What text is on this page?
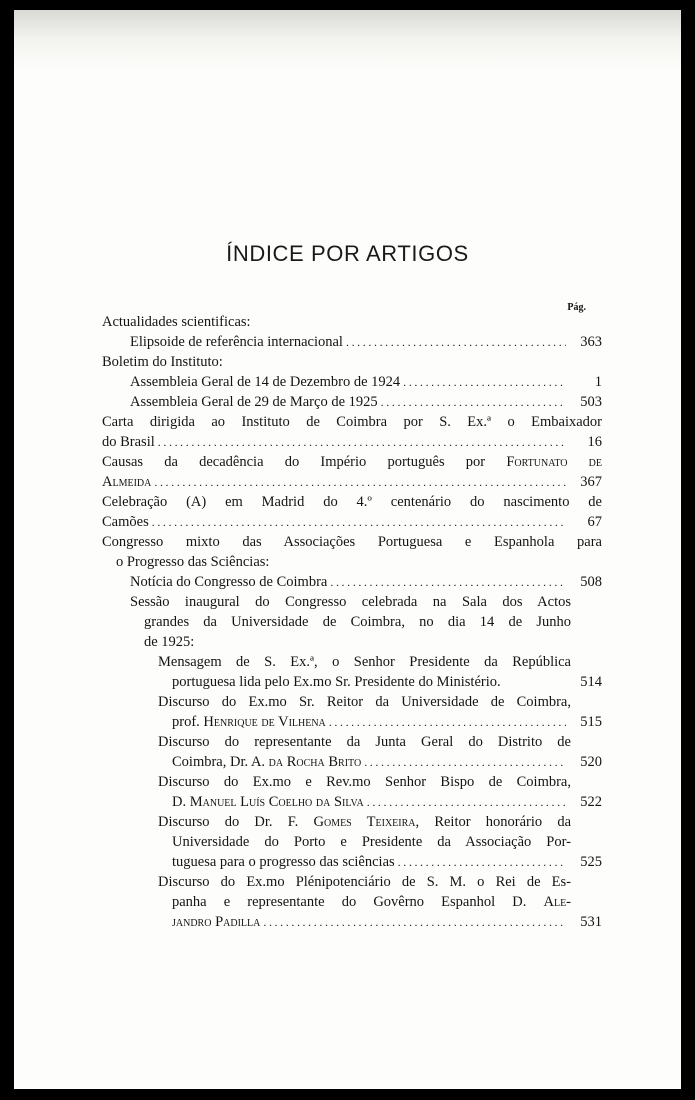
ÍNDICE POR ARTIGOS
Pág.
Actualidades scientificas:
Elipsoide de referência internacional .....	363
Boletim do Instituto:
Assembleia Geral de 14 de Dezembro de 1924 .....	1
Assembleia Geral de 29 de Março de 1925 .....	503
Carta dirigida ao Instituto de Coimbra por S. Ex.ª o Embaixador
do Brasil .....	16
Causas da decadência do Império português por Fortunato de
Almeida .....	367
Celebração (A) em Madrid do 4.º centenário do nascimento de
Camões .....	67
Congresso mixto das Associações Portuguesa e Espanhola para
o Progresso das Sciências:
Notícia do Congresso de Coimbra .....	508
Sessão inaugural do Congresso celebrada na Sala dos Actos
grandes da Universidade de Coimbra, no dia 14 de Junho
de 1925:
Mensagem de S. Ex.ª, o Senhor Presidente da República
portuguesa lida pelo Ex.mo Sr. Presidente do Ministério.	514
Discurso do Ex.mo Sr. Reitor da Universidade de Coimbra,
prof. Henrique de Vilhena .....	515
Discurso do representante da Junta Geral do Distrito de
Coimbra, Dr. A. da Rocha Brito .....	520
Discurso do Ex.mo e Rev.mo Senhor Bispo de Coimbra,
D. Manuel Luís Coelho da Silva .....	522
Discurso do Dr. F. Gomes Teixeira, Reitor honorário da
Universidade do Porto e Presidente da Associação Por-
tuguesa para o progresso das sciências .....	525
Discurso do Ex.mo Plénipotenciário de S. M. o Rei de Es-
panha e representante do Govêrno Espanhol D. Ale-
jandro Padilla .....	531
